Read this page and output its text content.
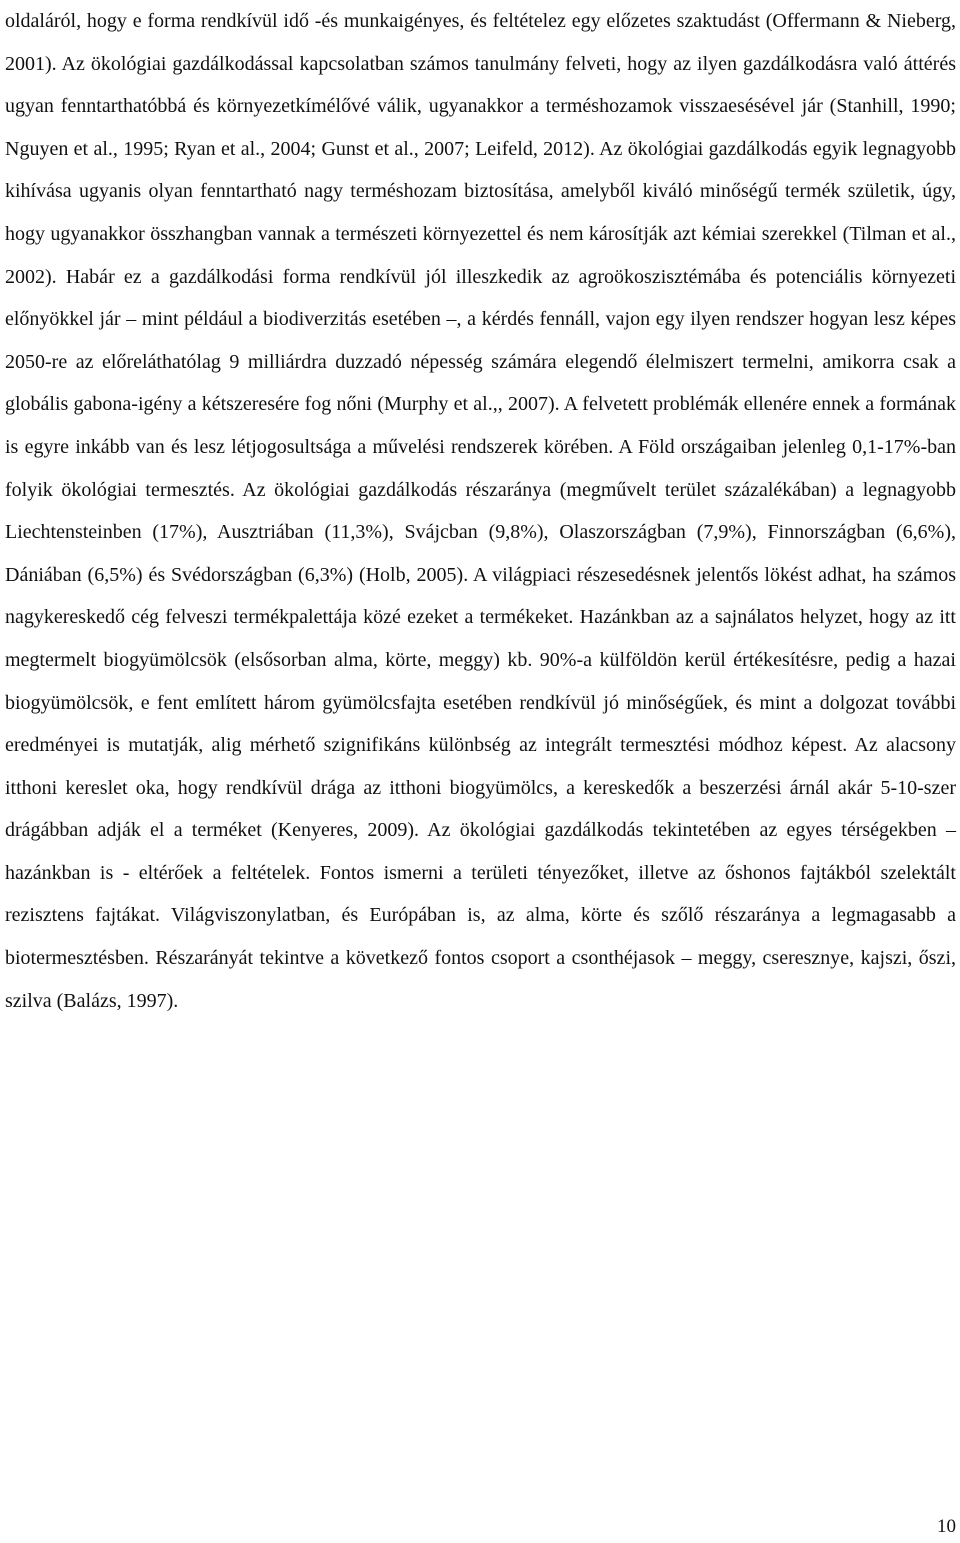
oldaláról, hogy e forma rendkívül idő -és munkaigényes, és feltételez egy előzetes szaktudást (Offermann & Nieberg, 2001). Az ökológiai gazdálkodással kapcsolatban számos tanulmány felveti, hogy az ilyen gazdálkodásra való áttérés ugyan fenntarthatóbbá és környezetkímélővé válik, ugyanakkor a terméshozamok visszaesésével jár (Stanhill, 1990; Nguyen et al., 1995; Ryan et al., 2004; Gunst et al., 2007; Leifeld, 2012). Az ökológiai gazdálkodás egyik legnagyobb kihívása ugyanis olyan fenntartható nagy terméshozam biztosítása, amelyből kiváló minőségű termék születik, úgy, hogy ugyanakkor összhangban vannak a természeti környezettel és nem károsítják azt kémiai szerekkel (Tilman et al., 2002). Habár ez a gazdálkodási forma rendkívül jól illeszkedik az agroökoszisztémába és potenciális környezeti előnyökkel jár – mint például a biodiverzitás esetében –, a kérdés fennáll, vajon egy ilyen rendszer hogyan lesz képes 2050-re az előreláthatólag 9 milliárdra duzzadó népesség számára elegendő élelmiszert termelni, amikorra csak a globális gabona-igény a kétszeresére fog nőni (Murphy et al.,, 2007). A felvetett problémák ellenére ennek a formának is egyre inkább van és lesz létjogosultsága a művelési rendszerek körében. A Föld országaiban jelenleg 0,1-17%-ban folyik ökológiai termesztés. Az ökológiai gazdálkodás részaránya (megművelt terület százalékában) a legnagyobb Liechtensteinben (17%), Ausztriában (11,3%), Svájcban (9,8%), Olaszországban (7,9%), Finnországban (6,6%), Dániában (6,5%) és Svédországban (6,3%) (Holb, 2005). A világpiaci részesedésnek jelentős lökést adhat, ha számos nagykereskedő cég felveszi termékpalettája közé ezeket a termékeket. Hazánkban az a sajnálatos helyzet, hogy az itt megtermelt biogyümölcsök (elsősorban alma, körte, meggy) kb. 90%-a külföldön kerül értékesítésre, pedig a hazai biogyümölcsök, e fent említett három gyümölcsfajta esetében rendkívül jó minőségűek, és mint a dolgozat további eredményei is mutatják, alig mérhető szignifikáns különbség az integrált termesztési módhoz képest. Az alacsony itthoni kereslet oka, hogy rendkívül drága az itthoni biogyümölcs, a kereskedők a beszerzési árnál akár 5-10-szer drágábban adják el a terméket (Kenyeres, 2009). Az ökológiai gazdálkodás tekintetében az egyes térségekben – hazánkban is - eltérőek a feltételek. Fontos ismerni a területi tényezőket, illetve az őshonos fajtákból szelektált rezisztens fajtákat. Világviszonylatban, és Európában is, az alma, körte és szőlő részaránya a legmagasabb a biotermesztésben. Részarányát tekintve a következő fontos csoport a csonthéjasok – meggy, cseresznye, kajszi, őszi, szilva (Balázs, 1997).

10
